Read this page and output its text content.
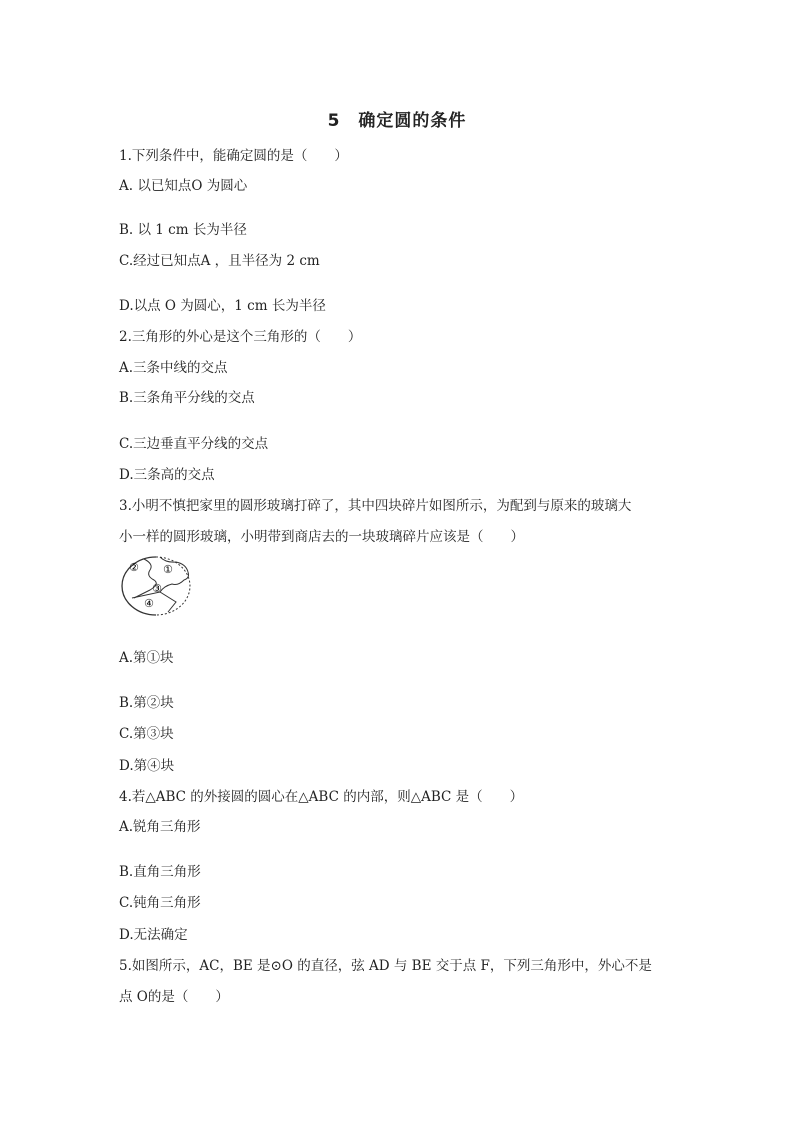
5　确定圆的条件
1.下列条件中，能确定圆的是（　　）
A. 以已知点O 为圆心
B. 以 1 cm 长为半径
C.经过已知点A ，且半径为 2 cm
D.以点 O 为圆心，1 cm 长为半径
2.三角形的外心是这个三角形的（　　）
A.三条中线的交点
B.三条角平分线的交点
C.三边垂直平分线的交点
D.三条高的交点
3.小明不慎把家里的圆形玻璃打碎了，其中四块碎片如图所示，为配到与原来的玻璃大
小一样的圆形玻璃，小明带到商店去的一块玻璃碎片应该是（　　）
② ①
③
④
A.第①块
B.第②块
C.第③块
D.第④块
4.若△ABC 的外接圆的圆心在△ABC 的内部，则△ABC 是（　　）
A.锐角三角形
B.直角三角形
C.钝角三角形
D.无法确定
5.如图所示，AC，BE 是⊙O 的直径，弦 AD 与 BE 交于点 F，下列三角形中，外心不是
点 O的是（　　）
